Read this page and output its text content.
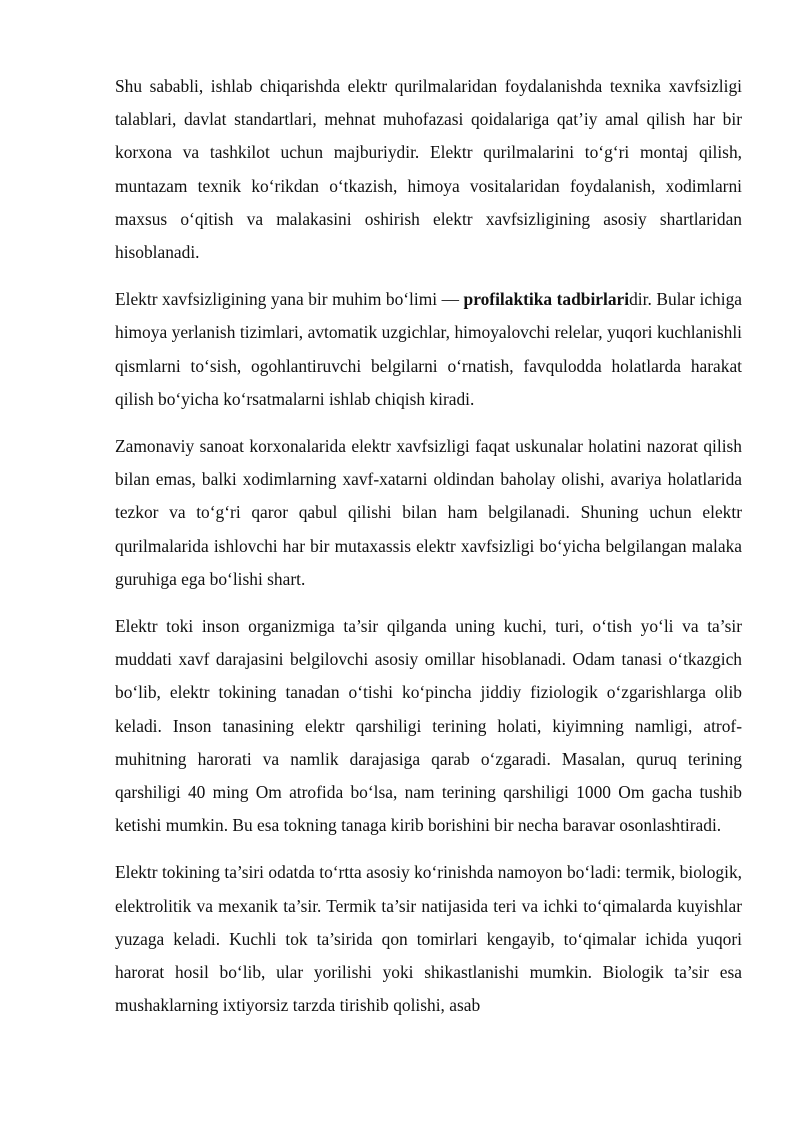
Shu sababli, ishlab chiqarishda elektr qurilmalaridan foydalanishda texnika xavfsizligi talablari, davlat standartlari, mehnat muhofazasi qoidalariga qat’iy amal qilish har bir korxona va tashkilot uchun majburiydir. Elektr qurilmalarini to‘g‘ri montaj qilish, muntazam texnik ko‘rikdan o‘tkazish, himoya vositalaridan foydalanish, xodimlarni maxsus o‘qitish va malakasini oshirish elektr xavfsizligining asosiy shartlaridan hisoblanadi.

Elektr xavfsizligining yana bir muhim bo‘limi — profilaktika tadbirlaridir. Bular ichiga himoya yerlanish tizimlari, avtomatik uzgichlar, himoyalovchi relelar, yuqori kuchlanishli qismlarni to‘sish, ogohlantiruvchi belgilarni o‘rnatish, favqulodda holatlarda harakat qilish bo‘yicha ko‘rsatmalarni ishlab chiqish kiradi.

Zamonaviy sanoat korxonalarida elektr xavfsizligi faqat uskunalar holatini nazorat qilish bilan emas, balki xodimlarning xavf-xatarni oldindan baholay olishi, avariya holatlarida tezkor va to‘g‘ri qaror qabul qilishi bilan ham belgilanadi. Shuning uchun elektr qurilmalarida ishlovchi har bir mutaxassis elektr xavfsizligi bo‘yicha belgilangan malaka guruhiga ega bo‘lishi shart.

Elektr toki inson organizmiga ta’sir qilganda uning kuchi, turi, o‘tish yo‘li va ta’sir muddati xavf darajasini belgilovchi asosiy omillar hisoblanadi. Odam tanasi o‘tkazgich bo‘lib, elektr tokining tanadan o‘tishi ko‘pincha jiddiy fiziologik o‘zgarishlarga olib keladi. Inson tanasining elektr qarshiligi terining holati, kiyimning namligi, atrof-muhitning harorati va namlik darajasiga qarab o‘zgaradi. Masalan, quruq terining qarshiligi 40 ming Om atrofida bo‘lsa, nam terining qarshiligi 1000 Om gacha tushib ketishi mumkin. Bu esa tokning tanaga kirib borishini bir necha baravar osonlashtiradi.

Elektr tokining ta’siri odatda to‘rtta asosiy ko‘rinishda namoyon bo‘ladi: termik, biologik, elektrolitik va mexanik ta’sir. Termik ta’sir natijasida teri va ichki to‘qimalarda kuyishlar yuzaga keladi. Kuchli tok ta’sirida qon tomirlari kengayib, to‘qimalar ichida yuqori harorat hosil bo‘lib, ular yorilishi yoki shikastlanishi mumkin. Biologik ta’sir esa mushaklarning ixtiyorsiz tarzda tirishib qolishi, asab
